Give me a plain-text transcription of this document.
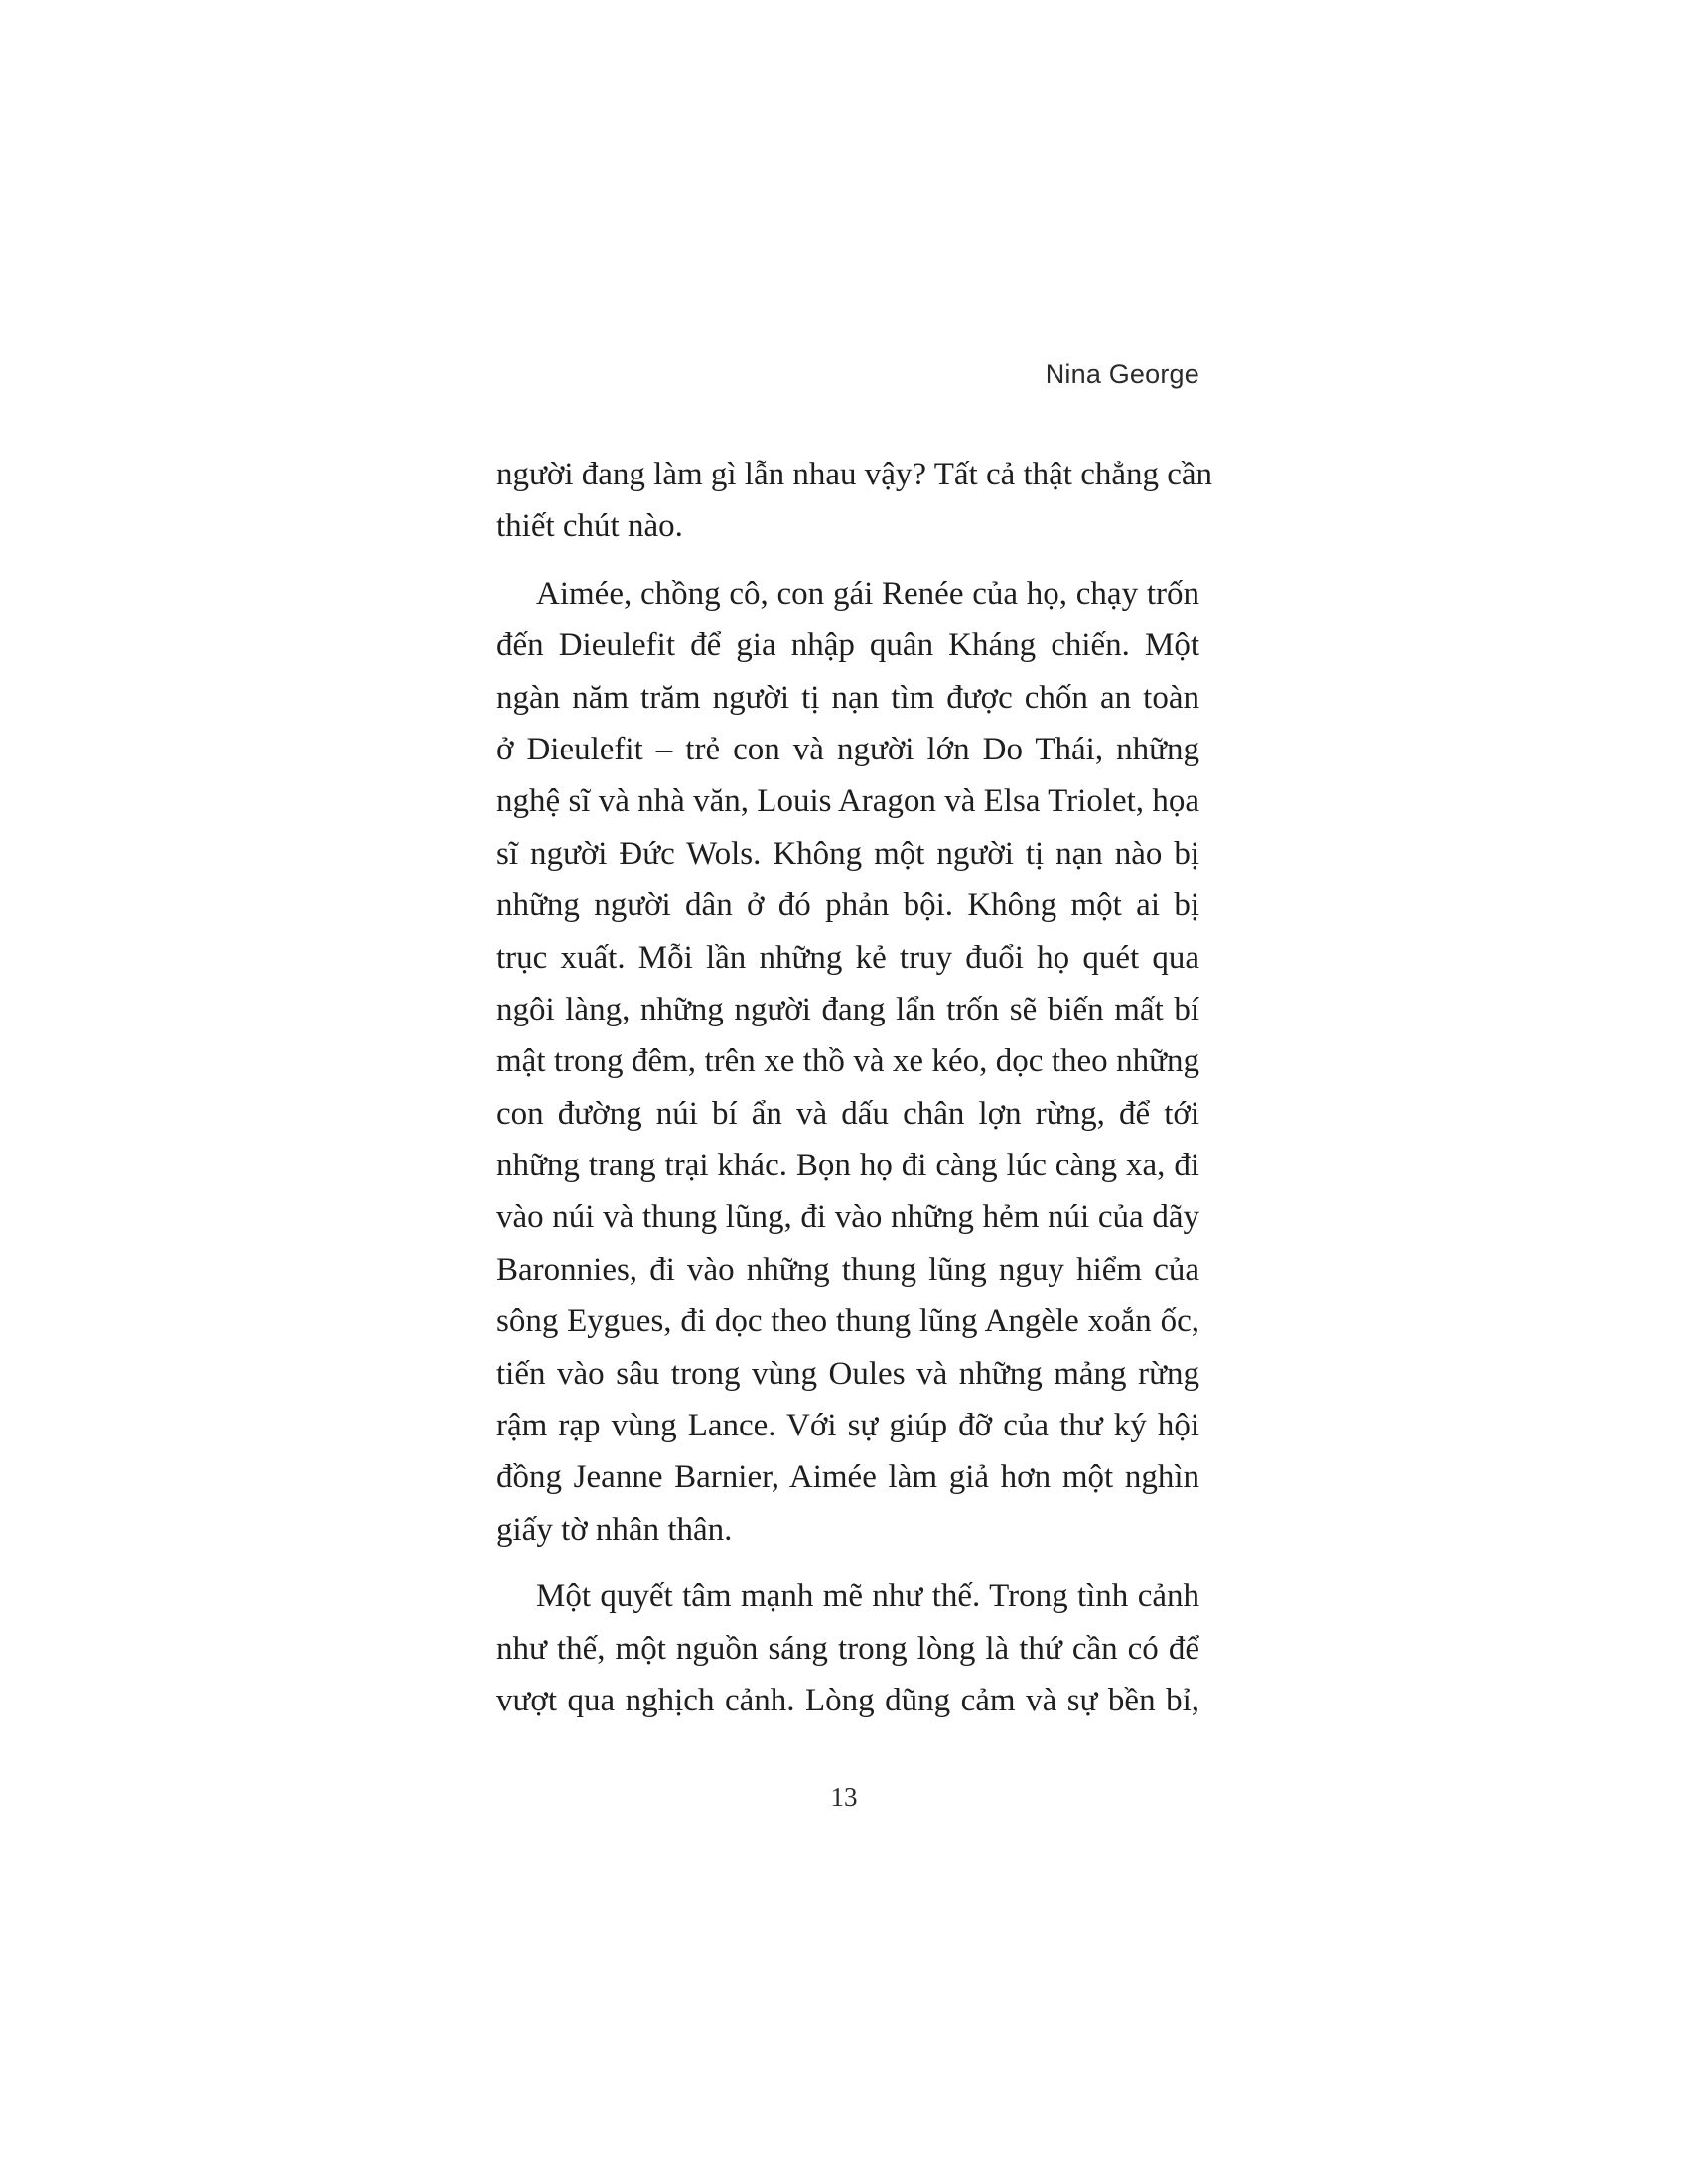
Nina George

người đang làm gì lẫn nhau vậy? Tất cả thật chẳng cần
thiết chút nào.
Aimée, chồng cô, con gái Renée của họ, chạy trốn
đến Dieulefit để gia nhập quân Kháng chiến. Một
ngàn năm trăm người tị nạn tìm được chốn an toàn
ở Dieulefit – trẻ con và người lớn Do Thái, những
nghệ sĩ và nhà văn, Louis Aragon và Elsa Triolet, họa
sĩ người Đức Wols. Không một người tị nạn nào bị
những người dân ở đó phản bội. Không một ai bị
trục xuất. Mỗi lần những kẻ truy đuổi họ quét qua
ngôi làng, những người đang lẩn trốn sẽ biến mất bí
mật trong đêm, trên xe thồ và xe kéo, dọc theo những
con đường núi bí ẩn và dấu chân lợn rừng, để tới
những trang trại khác. Bọn họ đi càng lúc càng xa, đi
vào núi và thung lũng, đi vào những hẻm núi của dãy
Baronnies, đi vào những thung lũng nguy hiểm của
sông Eygues, đi dọc theo thung lũng Angèle xoắn ốc,
tiến vào sâu trong vùng Oules và những mảng rừng
rậm rạp vùng Lance. Với sự giúp đỡ của thư ký hội
đồng Jeanne Barnier, Aimée làm giả hơn một nghìn
giấy tờ nhân thân.
Một quyết tâm mạnh mẽ như thế. Trong tình cảnh
như thế, một nguồn sáng trong lòng là thứ cần có để
vượt qua nghịch cảnh. Lòng dũng cảm và sự bền bỉ,

13
